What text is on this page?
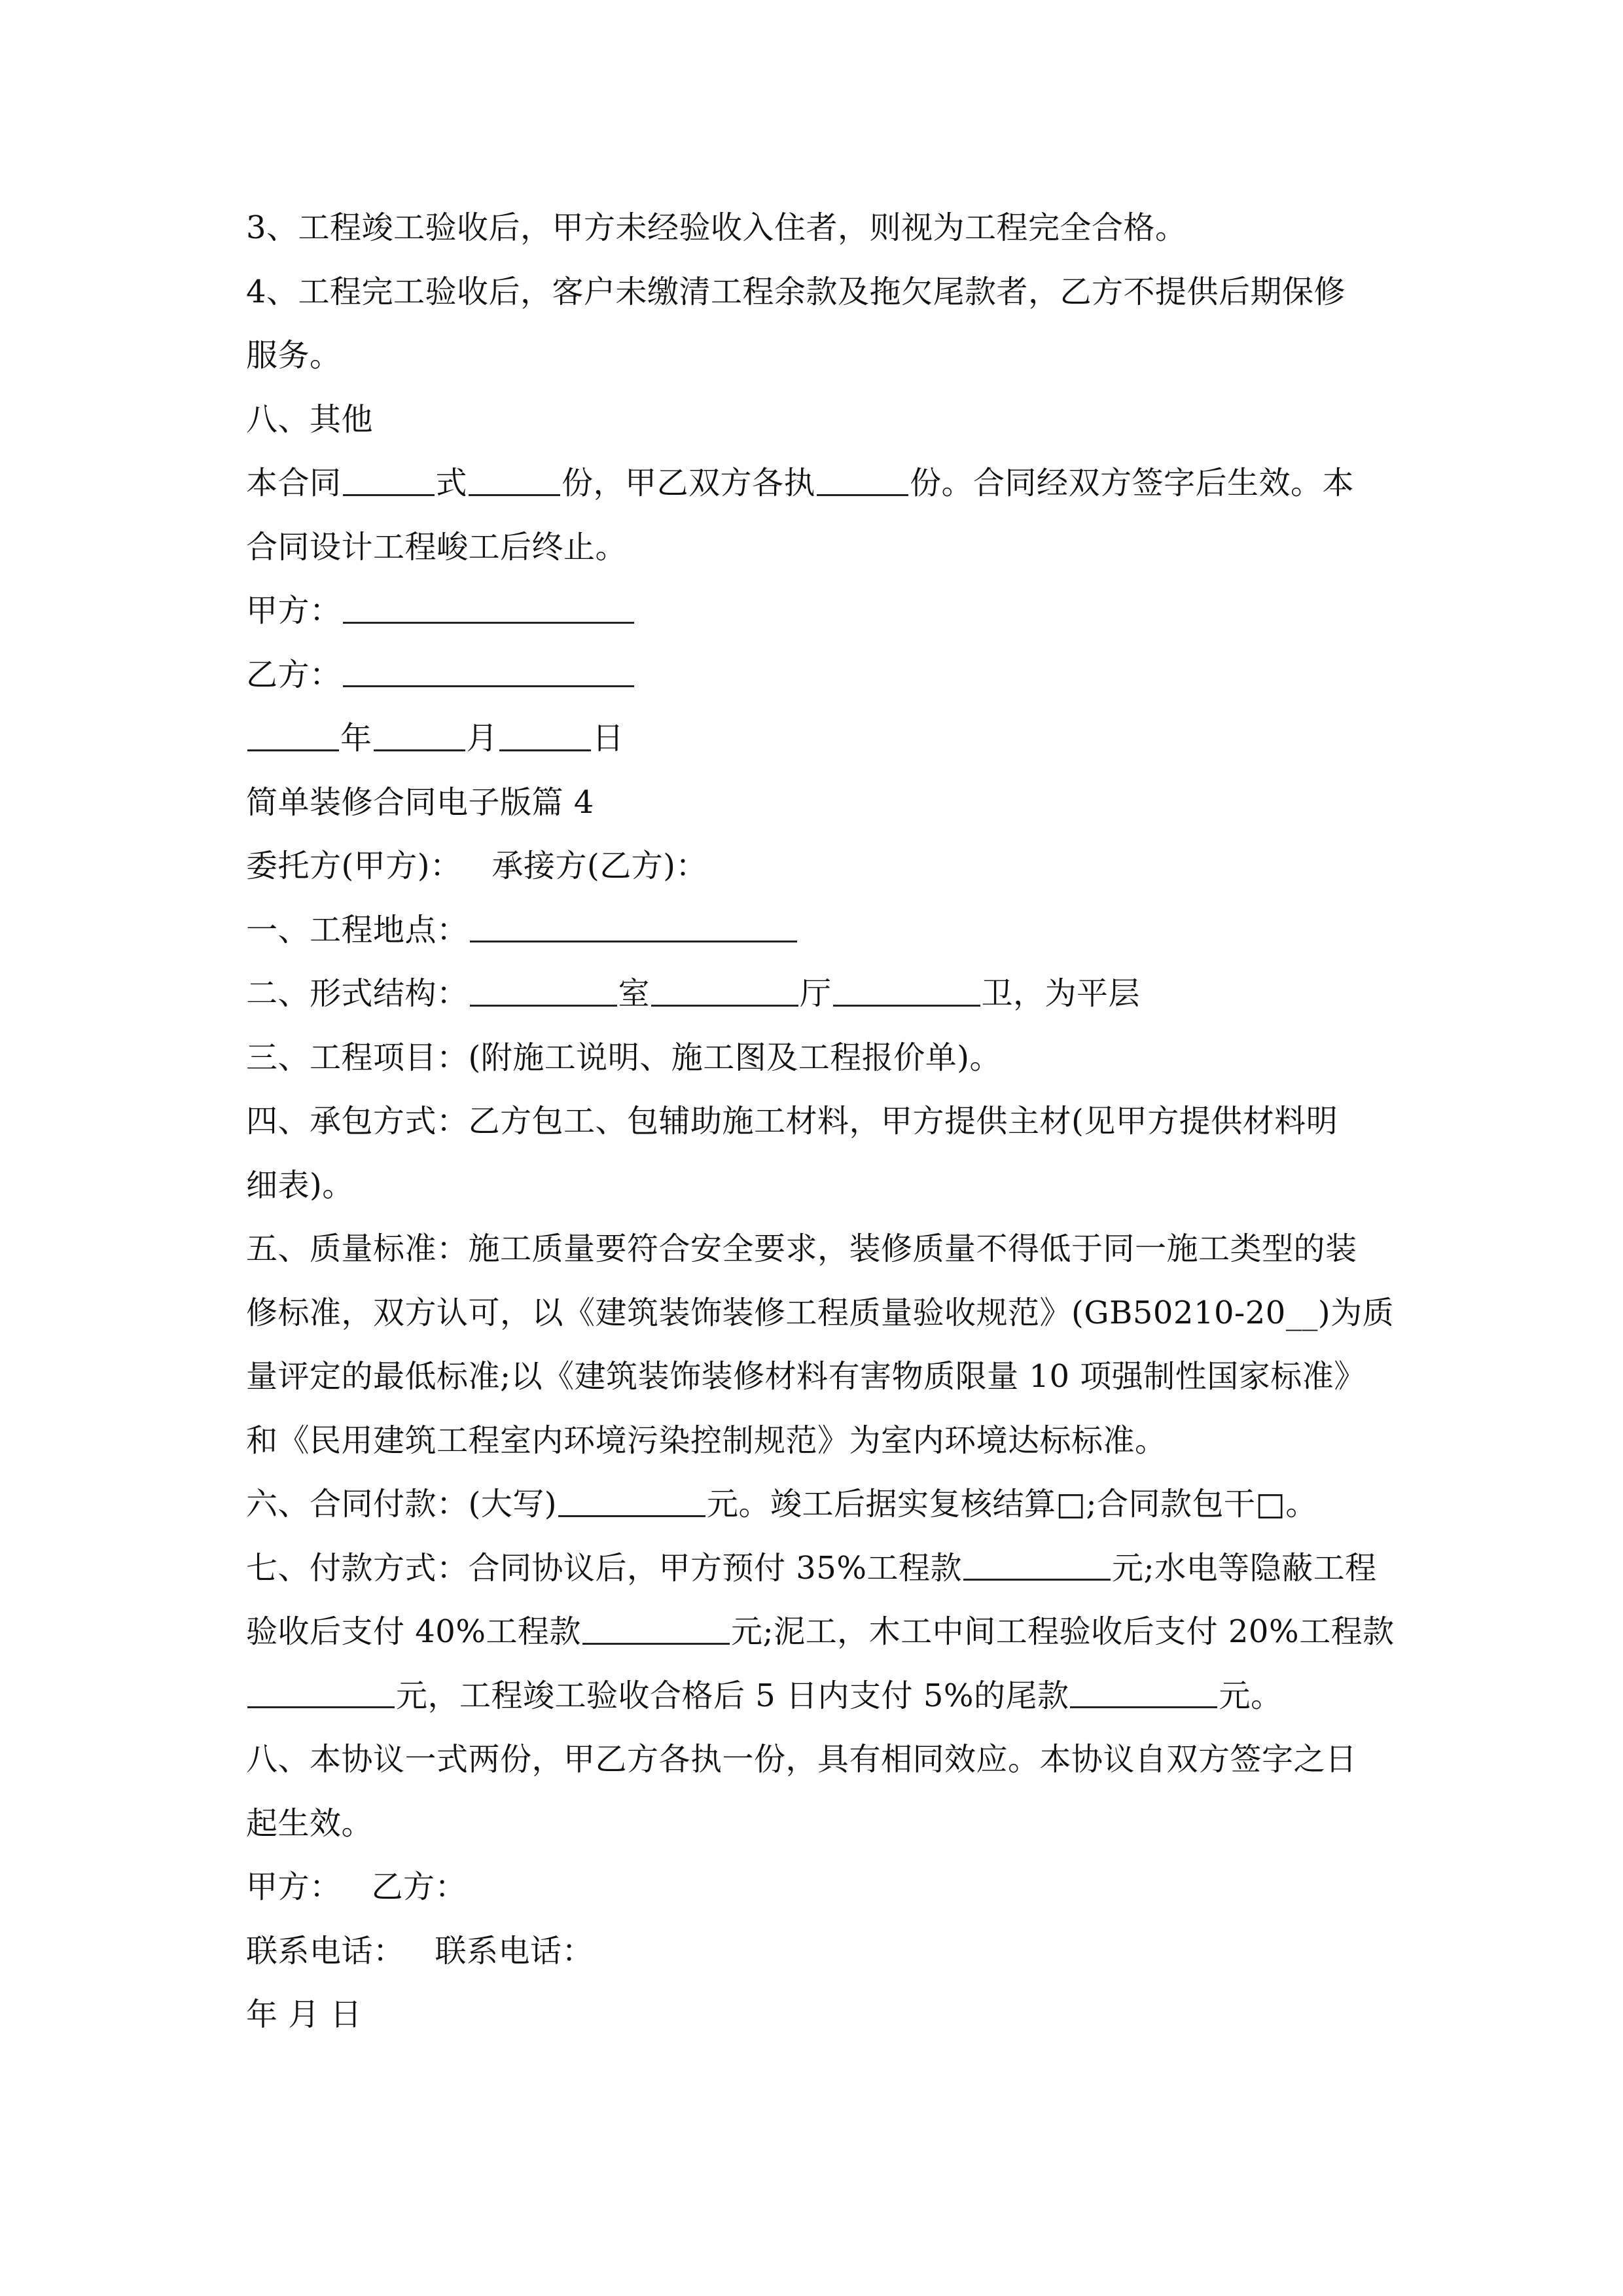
3、工程竣工验收后，甲方未经验收入住者，则视为工程完全合格。
4、工程完工验收后，客户未缴清工程余款及拖欠尾款者，乙方不提供后期保修
服务。
八、其他
本合同	式	份，甲乙双方各执	份。合同经双方签字后生效。本
合同设计工程峻工后终止。
甲方：
乙方：
年	月	日
简单装修合同电子版篇 4
委托方(甲方)： 承接方(乙方)：
一、工程地点：
二、形式结构：	室	厅	卫，为平层
三、工程项目：(附施工说明、施工图及工程报价单)。
四、承包方式：乙方包工、包辅助施工材料，甲方提供主材(见甲方提供材料明
细表)。
五、质量标准：施工质量要符合安全要求，装修质量不得低于同一施工类型的装
修标准，双方认可，以《建筑装饰装修工程质量验收规范》(GB50210-20__)为质
量评定的最低标准;以《建筑装饰装修材料有害物质限量 10 项强制性国家标准》
和《民用建筑工程室内环境污染控制规范》为室内环境达标标准。
六、合同付款：(大写)	元。竣工后据实复核结算□;合同款包干□。
七、付款方式：合同协议后，甲方预付 35%工程款	元;水电等隐蔽工程
验收后支付 40%工程款	元;泥工，木工中间工程验收后支付 20%工程款
元，工程竣工验收合格后 5 日内支付 5%的尾款	元。
八、本协议一式两份，甲乙方各执一份，具有相同效应。本协议自双方签字之日
起生效。
甲方： 乙方：
联系电话： 联系电话：
年 月 日
